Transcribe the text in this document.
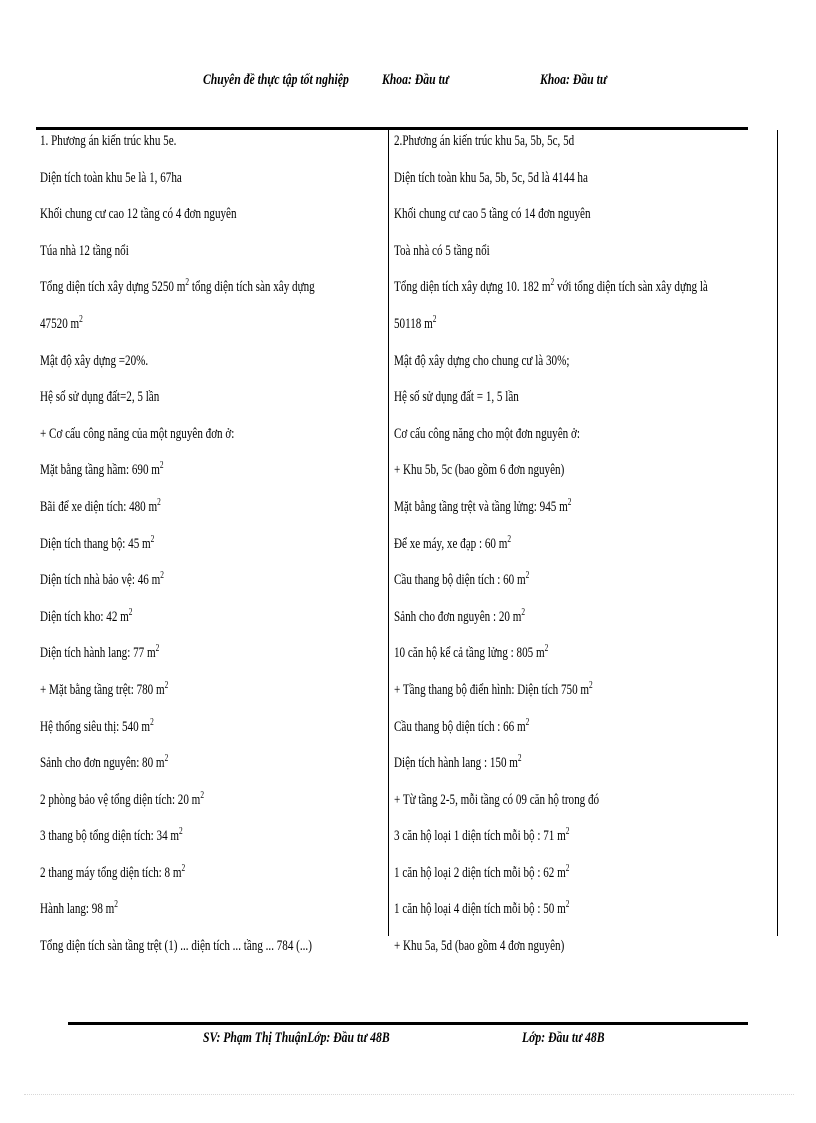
Chuyên đề thực tập tốt nghiệp Khoa: Đầu tư	Khoa: Đầu tư
1. Phương án kiến trúc khu 5e.
Diện tích toàn khu 5e là 1, 67ha
Khối chung cư cao 12 tầng có 4 đơn nguyên
Túa nhà 12 tầng nổi
Tổng diện tích xây dựng 5250 $m^2$ tổng diện tích sàn xây dựng
47520 $m^2$
Mật độ xây dựng =20%.
Hệ số sử dụng đất=2, 5 lần
+ Cơ cấu công năng của một nguyên đơn ở:
Mặt bằng tầng hầm: 690 $m^2$
Bãi để xe diện tích: 480 $m^2$
Diện tích thang bộ: 45 $m^2$
Diện tích nhà bảo vệ: 46 $m^2$
Diện tích kho: 42 $m^2$
Diện tích hành lang: 77 $m^2$
+ Mặt bằng tầng trệt: 780 $m^2$
Hệ thống siêu thị: 540 $m^2$
Sảnh cho đơn nguyên: 80 $m^2$
2 phòng bảo vệ tổng diện tích: 20 $m^2$
3 thang bộ tổng diện tích: 34 $m^2$
2 thang máy tổng diện tích: 8 $m^2$
Hành lang: 98 $m^2$
Tổng diện tích sàn tầng trệt (1) ... diện tích ... tầng ... 784 (...)
2.Phương án kiến trúc khu 5a, 5b, 5c, 5d
Diện tích toàn khu 5a, 5b, 5c, 5d là 4144 ha
Khối chung cư cao 5 tầng có 14 đơn nguyên
Toà nhà có 5 tầng nổi
Tổng diện tích xây dựng 10. 182 $m^2$ với tổng diện tích sàn xây dựng là
50118 $m^2$
Mật độ xây dựng cho chung cư là 30%;
Hệ số sử dụng đất = 1, 5 lần
Cơ cấu công năng cho một đơn nguyên ở:
+ Khu 5b, 5c (bao gồm 6 đơn nguyên)
Mặt bằng tầng trệt và tầng lửng: 945 $m^2$
Để xe máy, xe đạp : 60 $m^2$
Cầu thang bộ diện tích : 60 $m^2$
Sảnh cho đơn nguyên : 20 $m^2$
10 căn hộ kể cả tầng lửng : 805 $m^2$
+ Tầng thang bộ điển hình: Diện tích 750 $m^2$
Cầu thang bộ diện tích : 66 $m^2$
Diện tích hành lang : 150 $m^2$
+ Từ tầng 2-5, mỗi tầng có 09 căn hộ trong đó
3 căn hộ loại 1 diện tích mỗi bộ : 71 $m^2$
1 căn hộ loại 2 diện tích mỗi bộ : 62 $m^2$
1 căn hộ loại 4 diện tích mỗi bộ : 50 $m^2$
+ Khu 5a, 5d (bao gồm 4 đơn nguyên)
SV: Phạm Thị ThuậnLớp: Đầu tư 48B	Lớp: Đầu tư 48B
